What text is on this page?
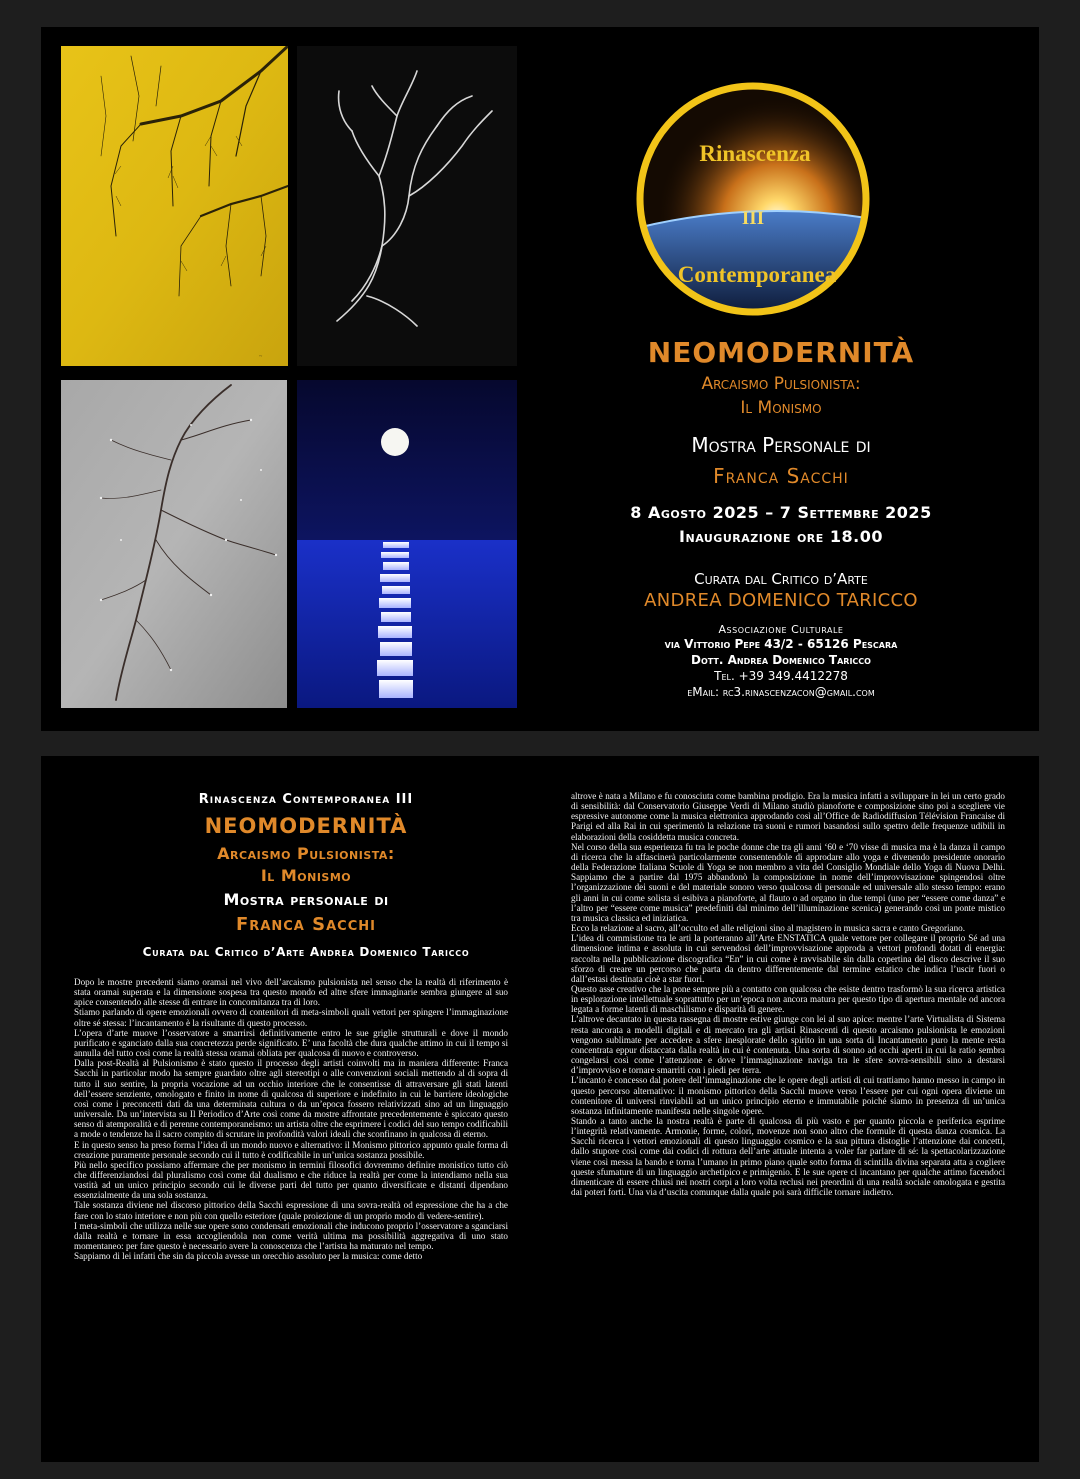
~
Rinascenza
III
Contemporanea
NEOMODERNITÀ
Arcaismo Pulsionista:
Il Monismo
Mostra Personale di
Franca Sacchi
8 Agosto 2025 – 7 Settembre 2025
Inaugurazione ore 18.00
Curata dal Critico d’Arte
ANDREA DOMENICO TARICCO
Associazione Culturale
via Vittorio Pepe 43/2 - 65126 Pescara
Dott. Andrea Domenico Taricco
Tel. +39 349.4412278
eMail: rc3.rinascenzacon@gmail.com
Rinascenza Contemporanea III
NEOMODERNITÀ
Arcaismo Pulsionista:
Il Monismo
Mostra personale di
Franca Sacchi
Curata dal Critico d’Arte Andrea Domenico Taricco

Dopo le mostre precedenti siamo oramai nel vivo dell’arcaismo pulsionista nel senso che la realtà di riferimento è stata oramai superata e la dimensione sospesa tra questo mondo ed altre sfere immaginarie sembra giungere al suo apice consentendo alle stesse di entrare in concomitanza tra di loro.

Stiamo parlando di opere emozionali ovvero di contenitori di meta-simboli quali vettori per spingere l’immaginazione oltre sé stessa: l’incantamento è la risultante di questo processo.

L’opera d’arte muove l’osservatore a smarrirsi definitivamente entro le sue griglie strutturali e dove il mondo purificato e sganciato dalla sua concretezza perde significato. E’ una facoltà che dura qualche attimo in cui il tempo si annulla del tutto così come la realtà stessa oramai obliata per qualcosa di nuovo e controverso.

Dalla post-Realtà al Pulsionismo è stato questo il processo degli artisti coinvolti ma in maniera differente: Franca Sacchi in particolar modo ha sempre guardato oltre agli stereotipi o alle convenzioni sociali mettendo al di sopra di tutto il suo sentire, la propria vocazione ad un occhio interiore che le consentisse di attraversare gli stati latenti dell’essere senziente, omologato e finito in nome di qualcosa di superiore e indefinito in cui le barriere ideologiche così come i preconcetti dati da una determinata cultura o da un’epoca fossero relativizzati sino ad un linguaggio universale. Da un’intervista su Il Periodico d’Arte così come da mostre affrontate precedentemente è spiccato questo senso di atemporalità e di perenne contemporaneismo: un artista oltre che esprimere i codici del suo tempo codificabili a mode o tendenze ha il sacro compito di scrutare in profondità valori ideali che sconfinano in qualcosa di eterno.

E in questo senso ha preso forma l’idea di un mondo nuovo e alternativo: il Monismo pittorico appunto quale forma di creazione puramente personale secondo cui il tutto è codificabile in un’unica sostanza possibile.

Più nello specifico possiamo affermare che per monismo in termini filosofici dovremmo definire monistico tutto ciò che differenziandosi dal pluralismo così come dal dualismo e che riduce la realtà per come la intendiamo nella sua vastità ad un unico principio secondo cui le diverse parti del tutto per quanto diversificate e distanti dipendano essenzialmente da una sola sostanza.

Tale sostanza diviene nel discorso pittorico della Sacchi espressione di una sovra-realtà od espressione che ha a che fare con lo stato interiore e non più con quello esteriore (quale proiezione di un proprio modo di vedere-sentire).

I meta-simboli che utilizza nelle sue opere sono condensati emozionali che inducono proprio l’osservatore a sganciarsi dalla realtà e tornare in essa accogliendola non come verità ultima ma possibilità aggregativa di uno stato momentaneo: per fare questo è necessario avere la conoscenza che l’artista ha maturato nel tempo.

Sappiamo di lei infatti che sin da piccola avesse un orecchio assoluto per la musica: come detto

altrove è nata a Milano e fu conosciuta come bambina prodigio. Era la musica infatti a sviluppare in lei un certo grado di sensibilità: dal Conservatorio Giuseppe Verdi di Milano studiò pianoforte e composizione sino poi a scegliere vie espressive autonome come la musica elettronica approdando così all’Office de Radiodiffusion Télévision Francaise di Parigi ed alla Rai in cui sperimentò la relazione tra suoni e rumori basandosi sullo spettro delle frequenze udibili in elaborazioni della cosiddetta musica concreta.

Nel corso della sua esperienza fu tra le poche donne che tra gli anni ‘60 e ‘70 visse di musica ma è la danza il campo di ricerca che la affascinerà particolarmente consentendole di approdare allo yoga e divenendo presidente onorario della Federazione Italiana Scuole di Yoga se non membro a vita del Consiglio Mondiale dello Yoga di Nuova Delhi. Sappiamo che a partire dal 1975 abbandonò la composizione in nome dell’improvvisazione spingendosi oltre l’organizzazione dei suoni e del materiale sonoro verso qualcosa di personale ed universale allo stesso tempo: erano gli anni in cui come solista si esibiva a pianoforte, al flauto o ad organo in due tempi (uno per “essere come danza” e l’altro per “essere come musica” predefiniti dal minimo dell’illuminazione scenica) generando così un ponte mistico tra musica classica ed iniziatica.

Ecco la relazione al sacro, all’occulto ed alle religioni sino al magistero in musica sacra e canto Gregoriano.

L’idea di commistione tra le arti la porteranno all’Arte ENSTATICA quale vettore per collegare il proprio Sé ad una dimensione intima e assoluta in cui servendosi dell’improvvisazione approda a vettori profondi dotati di energia: raccolta nella pubblicazione discografica “En” in cui come è ravvisabile sin dalla copertina del disco descrive il suo sforzo di creare un percorso che parta da dentro differentemente dal termine estatico che indica l’uscir fuori o dall’estasi destinata cioè a star fuori.

Questo asse creativo che la pone sempre più a contatto con qualcosa che esiste dentro trasformò la sua ricerca artistica in esplorazione intellettuale soprattutto per un’epoca non ancora matura per questo tipo di apertura mentale od ancora legata a forme latenti di maschilismo e disparità di genere.

L’altrove decantato in questa rassegna di mostre estive giunge con lei al suo apice: mentre l’arte Virtualista di Sistema resta ancorata a modelli digitali e di mercato tra gli artisti Rinascenti di questo arcaismo pulsionista le emozioni vengono sublimate per accedere a sfere inesplorate dello spirito in una sorta di Incantamento puro la mente resta concentrata eppur distaccata dalla realtà in cui è contenuta. Una sorta di sonno ad occhi aperti in cui la ratio sembra congelarsi così come l’attenzione e dove l’immaginazione naviga tra le sfere sovra-sensibili sino a destarsi d’improvviso e tornare smarriti con i piedi per terra.

L’incanto è concesso dal potere dell’immaginazione che le opere degli artisti di cui trattiamo hanno messo in campo in questo percorso alternativo: il monismo pittorico della Sacchi muove verso l’essere per cui ogni opera diviene un contenitore di universi rinviabili ad un unico principio eterno e immutabile poiché siamo in presenza di un’unica sostanza infinitamente manifesta nelle singole opere.

Stando a tanto anche la nostra realtà è parte di qualcosa di più vasto e per quanto piccola e periferica esprime l’integrità relativamente. Armonie, forme, colori, movenze non sono altro che formule di questa danza cosmica. La Sacchi ricerca i vettori emozionali di questo linguaggio cosmico e la sua pittura distoglie l’attenzione dai concetti, dallo stupore così come dai codici di rottura dell’arte attuale intenta a voler far parlare di sé: la spettacolarizzazione viene così messa la bando e torna l’umano in primo piano quale sotto forma di scintilla divina separata atta a cogliere queste sfumature di un linguaggio archetipico e primigenio. E le sue opere ci incantano per qualche attimo facendoci dimenticare di essere chiusi nei nostri corpi a loro volta reclusi nei preordini di una realtà sociale omologata e gestita dai poteri forti. Una via d’uscita comunque dalla quale poi sarà difficile tornare indietro.
